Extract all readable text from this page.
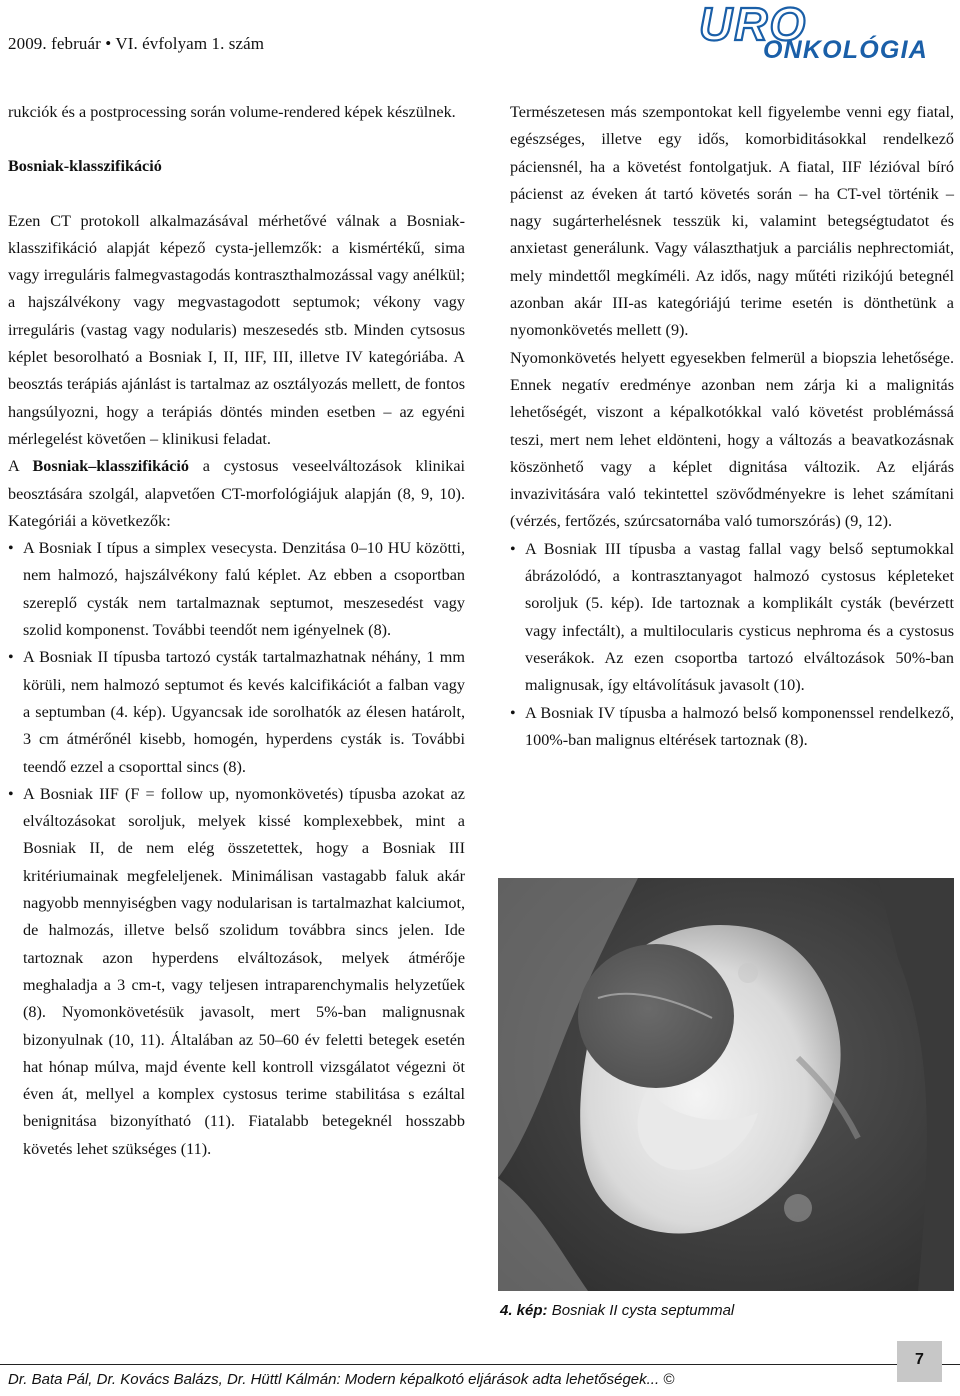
2009. február • VI. évfolyam 1. szám	URO
ONKOLÓGIA

rukciók és a postprocessing során volume-rendered képek készülnek.

Bosniak-klasszifikáció

Ezen CT protokoll alkalmazásával mérhetővé válnak a Bosniak-klasszifikáció alapját képező cysta-jellemzők: a kismértékű, sima vagy irreguláris falmegvastagodás kontraszthalmozással vagy anélkül; a hajszálvékony vagy megvastagodott septumok; vékony vagy irreguláris (vastag vagy nodularis) meszesedés stb. Minden cytsosus képlet besorolható a Bosniak I, II, IIF, III, illetve IV kategóriába. A beosztás terápiás ajánlást is tartalmaz az osztályozás mellett, de fontos hangsúlyozni, hogy a terápiás döntés minden esetben – az egyéni mérlegelést követően – klinikusi feladat.

A Bosniak–klasszifikáció a cystosus veseelváltozások klinikai beosztására szolgál, alapvetően CT-morfológiájuk alapján (8, 9, 10). Kategóriái a következők:

• A Bosniak I típus a simplex vesecysta. Denzitása 0–10 HU közötti, nem halmozó, hajszálvékony falú képlet. Az ebben a csoportban szereplő cysták nem tartalmaznak septumot, meszesedést vagy szolid komponenst. További teendőt nem igényelnek (8).
• A Bosniak II típusba tartozó cysták tartalmazhatnak néhány, 1 mm körüli, nem halmozó septumot és kevés kalcifikációt a falban vagy a septumban (4. kép). Ugyancsak ide sorolhatók az élesen határolt, 3 cm átmérőnél kisebb, homogén, hyperdens cysták is. További teendő ezzel a csoporttal sincs (8).
• A Bosniak IIF (F = follow up, nyomonkövetés) típusba azokat az elváltozásokat soroljuk, melyek kissé komplexebbek, mint a Bosniak II, de nem elég összetettek, hogy a Bosniak III kritériumainak megfeleljenek. Minimálisan vastagabb faluk akár nagyobb mennyiségben vagy nodularisan is tartalmazhat kalciumot, de halmozás, illetve belső szolidum továbbra sincs jelen. Ide tartoznak azon hyperdens elváltozások, melyek átmérője meghaladja a 3 cm-t, vagy teljesen intraparenchymalis helyzetűek (8). Nyomonkövetésük javasolt, mert 5%-ban malignusnak bizonyulnak (10, 11). Általában az 50–60 év feletti betegek esetén hat hónap múlva, majd évente kell kontroll vizsgálatot végezni öt éven át, mellyel a komplex cystosus terime stabilitása s ezáltal benignitása bizonyítható (11). Fiatalabb betegeknél hosszabb követés lehet szükséges (11).

Természetesen más szempontokat kell figyelembe venni egy fiatal, egészséges, illetve egy idős, komorbiditásokkal rendelkező páciensnél, ha a követést fontolgatjuk. A fiatal, IIF lézióval bíró pácienst az éveken át tartó követés során – ha CT-vel történik – nagy sugárterhelésnek tesszük ki, valamint betegségtudatot és anxietast generálunk. Vagy választhatjuk a parciális nephrectomiát, mely mindettől megkíméli. Az idős, nagy műtéti rizikójú betegnél azonban akár III-as kategóriájú terime esetén is dönthetünk a nyomonkövetés mellett (9).

Nyomonkövetés helyett egyesekben felmerül a biopszia lehetősége. Ennek negatív eredménye azonban nem zárja ki a malignitás lehetőségét, viszont a képalkotókkal való követést problémássá teszi, mert nem lehet eldönteni, hogy a változás a beavatkozásnak köszönhető vagy a képlet dignitása változik. Az eljárás invazivitására való tekintettel szövődményekre is lehet számítani (vérzés, fertőzés, szúrcsatornába való tumorszórás) (9, 12).

• A Bosniak III típusba a vastag fallal vagy belső septumokkal ábrázolódó, a kontrasztanyagot halmozó cystosus képleteket soroljuk (5. kép). Ide tartoznak a komplikált cysták (bevérzett vagy infectált), a multilocularis cysticus nephroma és a cystosus veserákok. Az ezen csoportba tartozó elváltozások 50%-ban malignusak, így eltávolításuk javasolt (10).
• A Bosniak IV típusba a halmozó belső komponenssel rendelkező, 100%-ban malignus eltérések tartoznak (8).
4. kép: Bosniak II cysta septummal
Dr. Bata Pál, Dr. Kovács Balázs, Dr. Hüttl Kálmán: Modern képalkotó eljárások adta lehetőségek... ©
7
